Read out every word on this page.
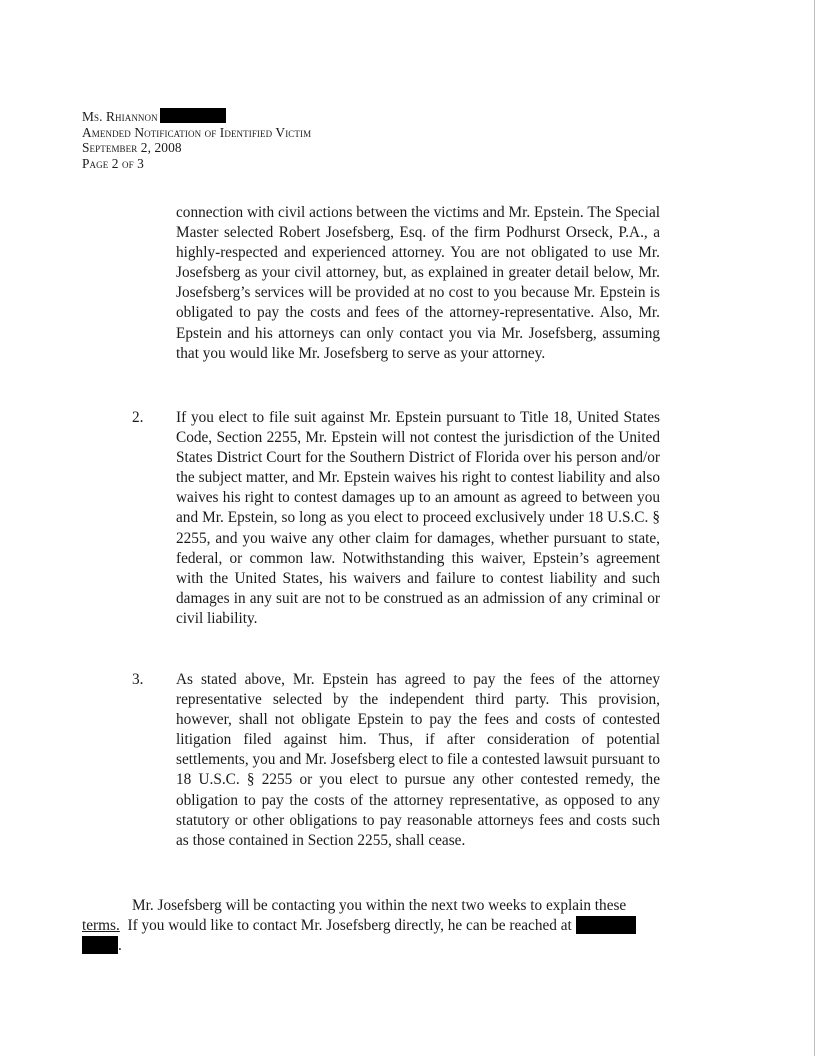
Ms. Rhiannon
Amended Notification of Identified Victim
September 2, 2008
Page 2 of 3

connection with civil actions between the victims and Mr. Epstein. The Special Master selected Robert Josefsberg, Esq. of the firm Podhurst Orseck, P.A., a highly-respected and experienced attorney. You are not obligated to use Mr. Josefsberg as your civil attorney, but, as explained in greater detail below, Mr. Josefsberg’s services will be provided at no cost to you because Mr. Epstein is obligated to pay the costs and fees of the attorney-representative. Also, Mr. Epstein and his attorneys can only contact you via Mr. Josefsberg, assuming that you would like Mr. Josefsberg to serve as your attorney.

2. If you elect to file suit against Mr. Epstein pursuant to Title 18, United States Code, Section 2255, Mr. Epstein will not contest the jurisdiction of the United States District Court for the Southern District of Florida over his person and/or the subject matter, and Mr. Epstein waives his right to contest liability and also waives his right to contest damages up to an amount as agreed to between you and Mr. Epstein, so long as you elect to proceed exclusively under 18 U.S.C. § 2255, and you waive any other claim for damages, whether pursuant to state, federal, or common law. Notwithstanding this waiver, Epstein’s agreement with the United States, his waivers and failure to contest liability and such damages in any suit are not to be construed as an admission of any criminal or civil liability.

3. As stated above, Mr. Epstein has agreed to pay the fees of the attorney representative selected by the independent third party. This provision, however, shall not obligate Epstein to pay the fees and costs of contested litigation filed against him. Thus, if after consideration of potential settlements, you and Mr. Josefsberg elect to file a contested lawsuit pursuant to 18 U.S.C. § 2255 or you elect to pursue any other contested remedy, the obligation to pay the costs of the attorney representative, as opposed to any statutory or other obligations to pay reasonable attorneys fees and costs such as those contained in Section 2255, shall cease.

Mr. Josefsberg will be contacting you within the next two weeks to explain these
terms. If you would like to contact Mr. Josefsberg directly, he can be reached at
.
